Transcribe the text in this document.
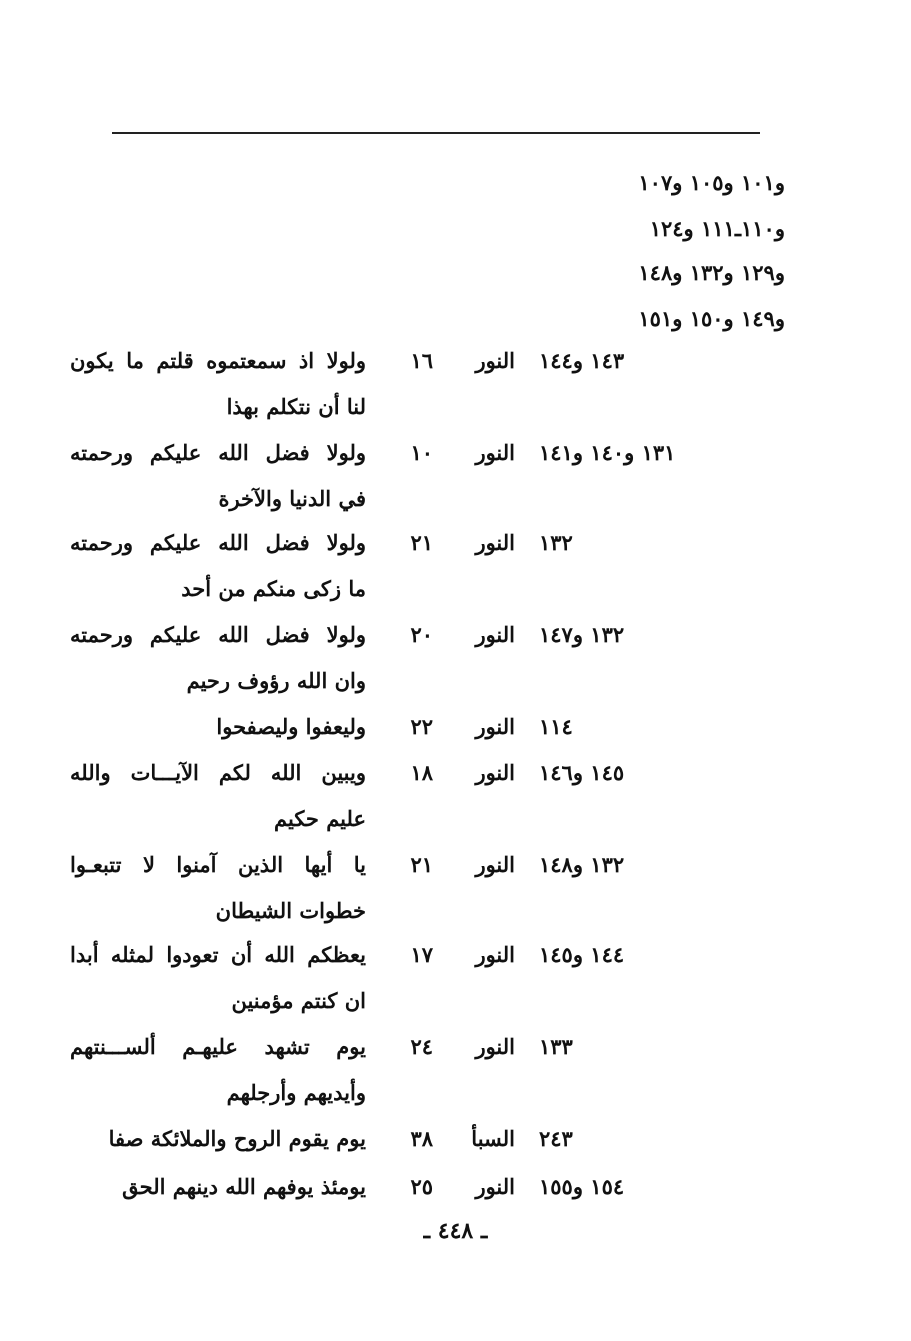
و١٠١ و١٠٥ و١٠٧
و١١٠ـ١١١ و١٢٤
و١٢٩ و١٣٢ و١٤٨
و١٤٩ و١٥٠ و١٥١
١٤٣ و١٤٤
النور
١٦
ولولا اذ سمعتموه قلتم ما يكون
لنا أن نتكلم بهذا
١٣١ و١٤٠ و١٤١
النور
١٠
ولولا فضل الله عليكم ورحمته
في الدنيا والآخرة
١٣٢
النور
٢١
ولولا فضل الله عليكم ورحمته
ما زكى منكم من أحد
١٣٢ و١٤٧
النور
٢٠
ولولا فضل الله عليكم ورحمته
وان الله رؤوف رحيم
١١٤
النور
٢٢
وليعفوا وليصفحوا
١٤٥ و١٤٦
النور
١٨
ويبين الله لكم الآيـــات والله
عليم حكيم
١٣٢ و١٤٨
النور
٢١
يا أيها الذين آمنوا لا تتبعـوا
خطوات الشيطان
١٤٤ و١٤٥
النور
١٧
يعظكم الله أن تعودوا لمثله أبدا
ان كنتم مؤمنين
١٣٣
النور
٢٤
يوم تشهد عليهـم ألســـنتهم
وأيديهم وأرجلهم
٢٤٣
السبأ
٣٨
يوم يقوم الروح والملائكة صفا
١٥٤ و١٥٥
النور
٢٥
يومئذ يوفهم الله دينهم الحق
ـ ٤٤٨ ـ
